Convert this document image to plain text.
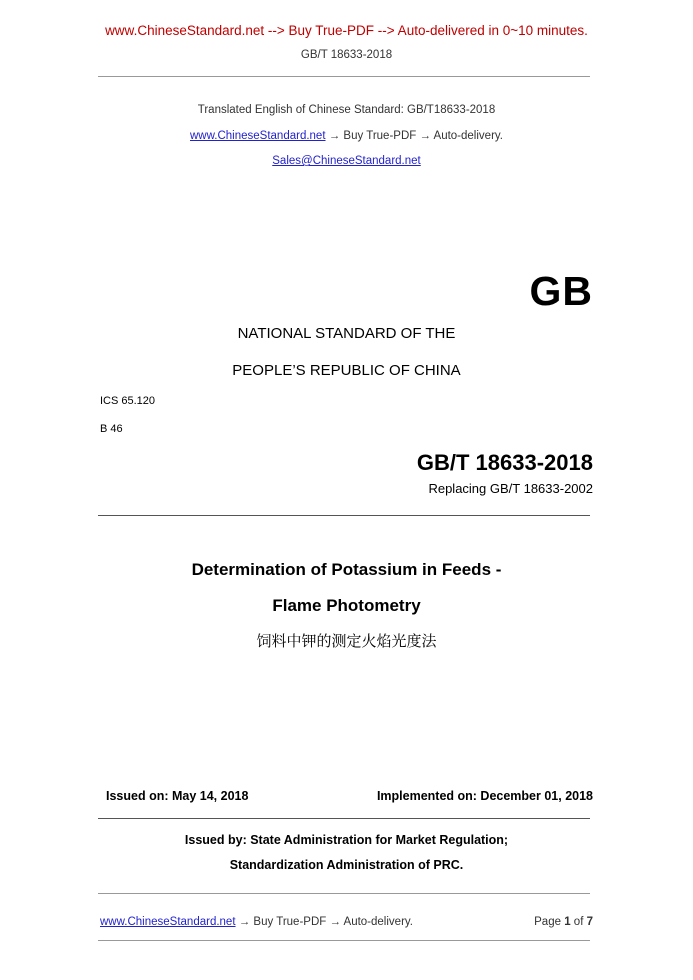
www.ChineseStandard.net --> Buy True-PDF --> Auto-delivered in 0~10 minutes.
GB/T 18633-2018
Translated English of Chinese Standard: GB/T18633-2018
www.ChineseStandard.net → Buy True-PDF → Auto-delivery.
Sales@ChineseStandard.net
GB
NATIONAL STANDARD OF THE
PEOPLE’S REPUBLIC OF CHINA
ICS 65.120
B 46
GB/T 18633-2018
Replacing GB/T 18633-2002
Determination of Potassium in Feeds -
Flame Photometry
饲料中钾的测定火焰光度法
Issued on: May 14, 2018	Implemented on: December 01, 2018
Issued by: State Administration for Market Regulation;
Standardization Administration of PRC.
www.ChineseStandard.net → Buy True-PDF → Auto-delivery.	Page 1 of 7
